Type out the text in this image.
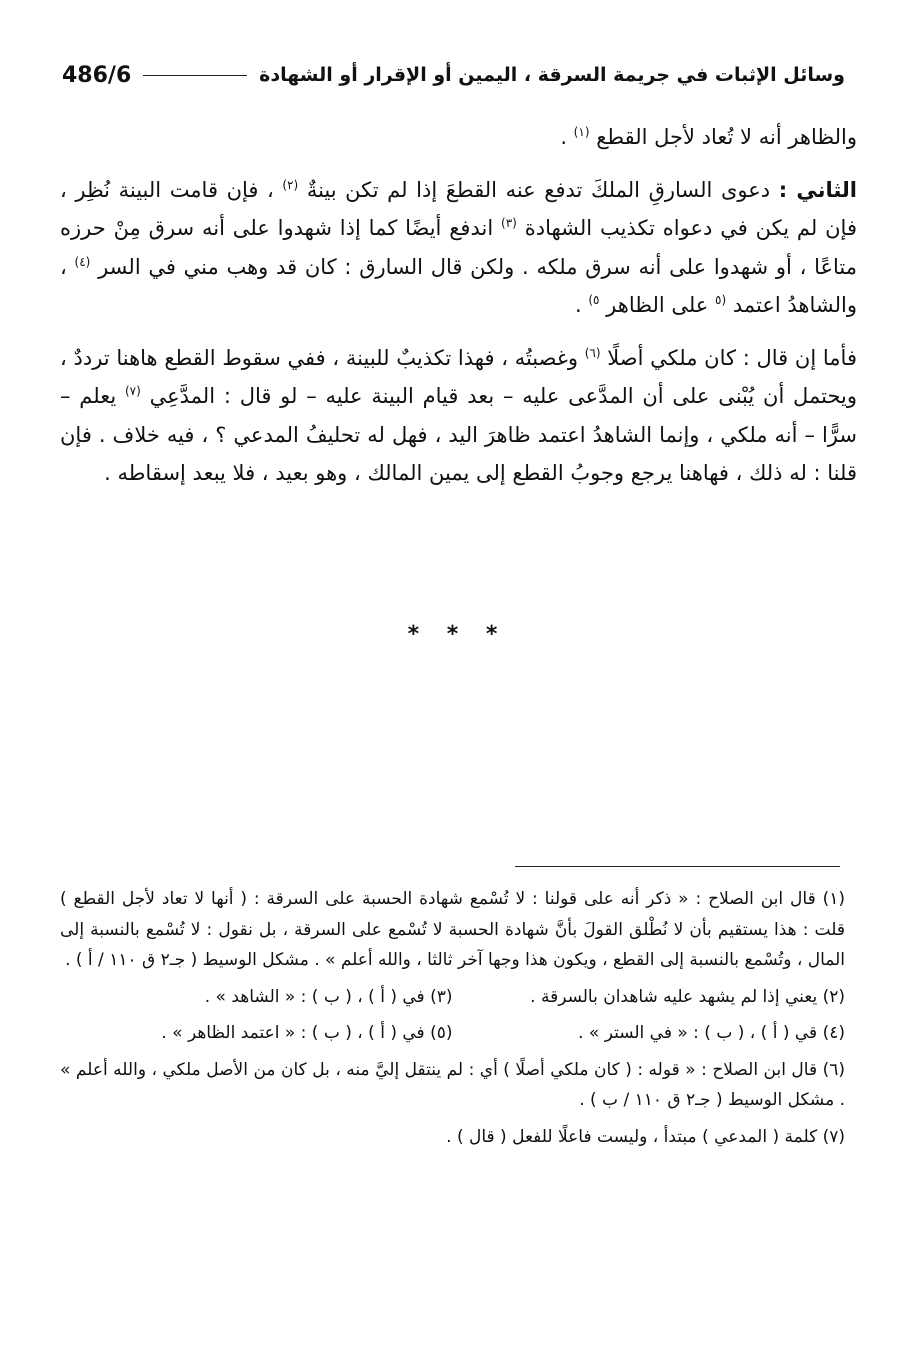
486/6	وسائل الإثبات في جريمة السرقة ، اليمين أو الإقرار أو الشهادة

والظاهر أنه لا تُعاد لأجل القطع $^{(١)}$ .

الثاني : دعوى السارقِ الملكَ تدفع عنه القطعَ إذا لم تكن بينةٌ $^{(٢)}$ ، فإن قامت البينة نُظِر ، فإن لم يكن في دعواه تكذيب الشهادة $^{(٣)}$ اندفع أيضًا كما إذا شهدوا على أنه سرق مِنْ حرزه متاعًا ، أو شهدوا على أنه سرق ملكه . ولكن قال السارق : كان قد وهب مني في السر $^{(٤)}$ ، والشاهدُ اعتمد $^{(٥}$ على الظاهر $^{٥)}$ .

فأما إن قال : كان ملكي أصلًا $^{(٦)}$ وغصبتُه ، فهذا تكذيبٌ للبينة ، ففي سقوط القطع هاهنا ترددٌ ، ويحتمل أن يُبْنى على أن المدَّعى عليه – بعد قيام البينة عليه – لو قال : المدَّعِي $^{(٧)}$ يعلم – سرًّا – أنه ملكي ، وإنما الشاهدُ اعتمد ظاهرَ اليد ، فهل له تحليفُ المدعي ؟ ، فيه خلاف . فإن قلنا : له ذلك ، فهاهنا يرجع وجوبُ القطع إلى يمين المالك ، وهو بعيد ، فلا يبعد إسقاطه .

* * *

(١) قال ابن الصلاح : « ذكر أنه على قولنا : لا تُسْمع شهادة الحسبة على السرقة : ( أنها لا تعاد لأجل القطع ) قلت : هذا يستقيم بأن لا نُطْلق القولَ بأنَّ شهادة الحسبة لا تُسْمع على السرقة ، بل نقول : لا تُسْمع بالنسبة إلى المال ، وتُسْمع بالنسبة إلى القطع ، ويكون هذا وجها آخر ثالثا ، والله أعلم » . مشكل الوسيط ( جـ٢ ق ١١٠ / أ ) .

(٢) يعني إذا لم يشهد عليه شاهدان بالسرقة .
(٣) في ( أ ) ، ( ب ) : « الشاهد » .
(٤) قي ( أ ) ، ( ب ) : « في الستر » .
(٥) في ( أ ) ، ( ب ) : « اعتمد الظاهر » .

(٦) قال ابن الصلاح : « قوله : ( كان ملكي أصلًا ) أي : لم ينتقل إليَّ منه ، بل كان من الأصل ملكي ، والله أعلم » . مشكل الوسيط ( جـ٢ ق ١١٠ / ب ) .

(٧) كلمة ( المدعي ) مبتدأ ، وليست فاعلًا للفعل ( قال ) .
